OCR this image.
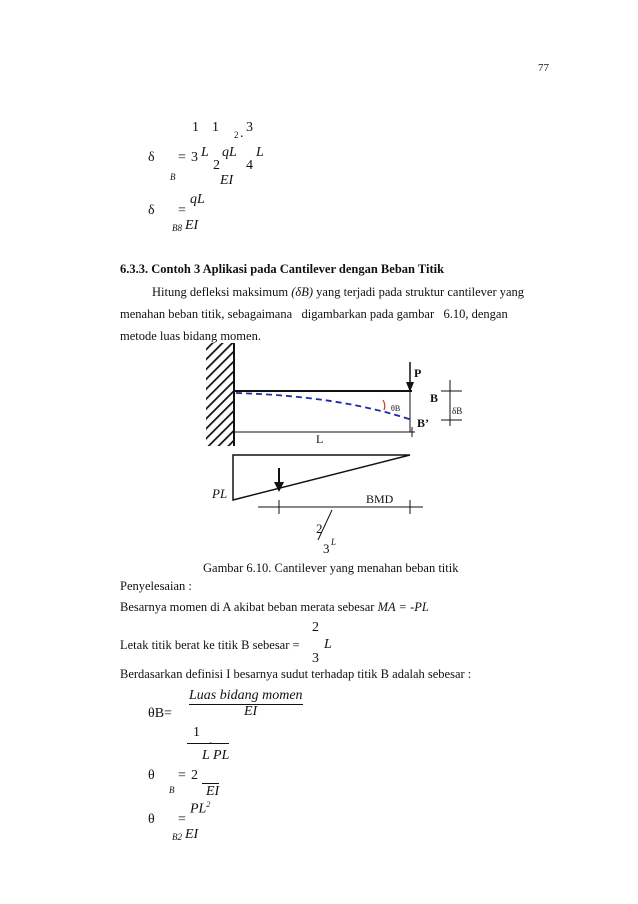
77
1 1 2 . 3
δ = 3 L qL L
2 4
B	EI
qL
δ =
B8 EI
6.3.3. Contoh 3 Aplikasi pada Cantilever dengan Beban Titik
Hitung defleksi maksimum (δB) yang terjadi pada struktur cantilever yang
menahan beban titik, sebagaimana   digambarkan pada gambar   6.10, dengan
metode luas bidang momen.
P
B
B’
θB	δB
L
PL	BMD
2
3 L
Gambar 6.10. Cantilever yang menahan beban titik
Penyelesaian :
Besarnya momen di A akibat beban merata sebesar MA = -PL
2
Letak titik berat ke titik B sebesar = L
3
Berdasarkan definisi I besarnya sudut terhadap titik B adalah sebesar :
Luas bidang momen
θB=	EI
1
.
L PL
θ = 2
B EI
$PL^2$
θ =
B2 EI
